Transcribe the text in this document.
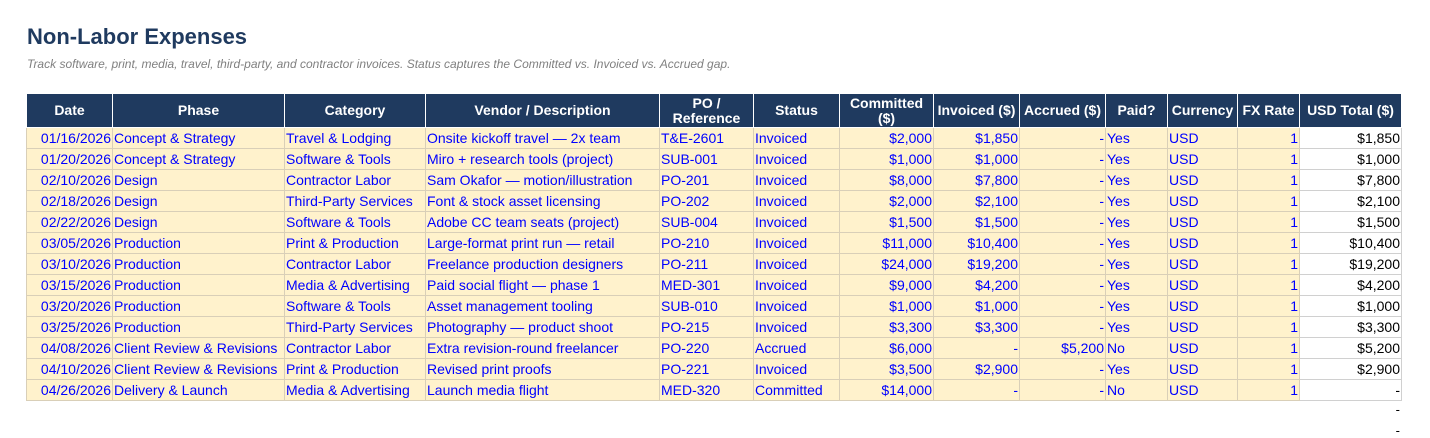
Non-Labor Expenses
Track software, print, media, travel, third-party, and contractor invoices. Status captures the Committed vs. Invoiced vs. Accrued gap.
Date	Phase	Category	Vendor / Description	PO / Reference	Status	Committed ($)	Invoiced ($)	Accrued ($)	Paid?	Currency	FX Rate	USD Total ($)
01/16/2026	Concept & Strategy	Travel & Lodging	Onsite kickoff travel — 2x team	T&E-2601	Invoiced	$2,000	$1,850	-	Yes	USD	1	$1,850
01/20/2026	Concept & Strategy	Software & Tools	Miro + research tools (project)	SUB-001	Invoiced	$1,000	$1,000	-	Yes	USD	1	$1,000
02/10/2026	Design	Contractor Labor	Sam Okafor — motion/illustration	PO-201	Invoiced	$8,000	$7,800	-	Yes	USD	1	$7,800
02/18/2026	Design	Third-Party Services	Font & stock asset licensing	PO-202	Invoiced	$2,000	$2,100	-	Yes	USD	1	$2,100
02/22/2026	Design	Software & Tools	Adobe CC team seats (project)	SUB-004	Invoiced	$1,500	$1,500	-	Yes	USD	1	$1,500
03/05/2026	Production	Print & Production	Large-format print run — retail	PO-210	Invoiced	$11,000	$10,400	-	Yes	USD	1	$10,400
03/10/2026	Production	Contractor Labor	Freelance production designers	PO-211	Invoiced	$24,000	$19,200	-	Yes	USD	1	$19,200
03/15/2026	Production	Media & Advertising	Paid social flight — phase 1	MED-301	Invoiced	$9,000	$4,200	-	Yes	USD	1	$4,200
03/20/2026	Production	Software & Tools	Asset management tooling	SUB-010	Invoiced	$1,000	$1,000	-	Yes	USD	1	$1,000
03/25/2026	Production	Third-Party Services	Photography — product shoot	PO-215	Invoiced	$3,300	$3,300	-	Yes	USD	1	$3,300
04/08/2026	Client Review & Revisions	Contractor Labor	Extra revision-round freelancer	PO-220	Accrued	$6,000	-	$5,200	No	USD	1	$5,200
04/10/2026	Client Review & Revisions	Print & Production	Revised print proofs	PO-221	Invoiced	$3,500	$2,900	-	Yes	USD	1	$2,900
04/26/2026	Delivery & Launch	Media & Advertising	Launch media flight	MED-320	Committed	$14,000	-	-	No	USD	1	-
-
-
